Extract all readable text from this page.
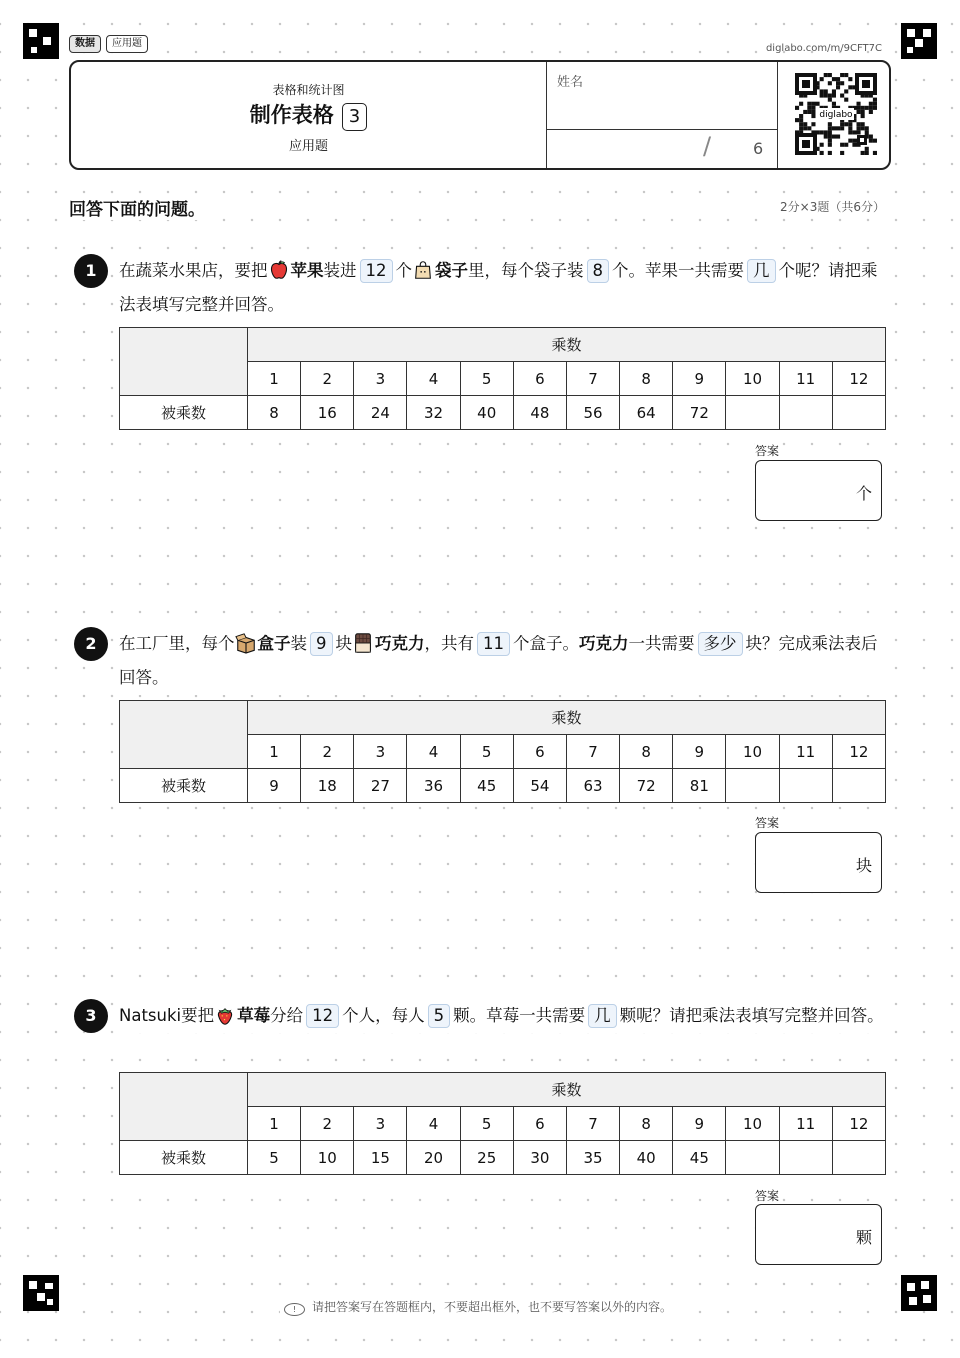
数据	应用题	diglabo.com/m/9CFT7C
表格和统计图
制作表格 3
应用题
姓名
/	6
diglabo
回答下面的问题。	2分×3题（共6分）
1	在蔬菜水果店，要把 苹果装进 12 个 袋子里，每个袋子装 8 个。苹果一共需要 几 个呢？请把乘法表填写完整并回答。
	乘数											
	1	2	3	4	5	6	7	8	9	10	11	12
被乘数	8	16	24	32	40	48	56	64	72			
答案
个
2	在工厂里，每个 盒子装 9 块 巧克力，共有 11 个盒子。巧克力一共需要 多少 块？完成乘法表后回答。
	乘数											
	1	2	3	4	5	6	7	8	9	10	11	12
被乘数	9	18	27	36	45	54	63	72	81			
答案
块
3	Natsuki要把 草莓分给 12 个人，每人 5 颗。草莓一共需要 几 颗呢？请把乘法表填写完整并回答。
	乘数											
	1	2	3	4	5	6	7	8	9	10	11	12
被乘数	5	10	15	20	25	30	35	40	45			
答案
颗
! 请把答案写在答题框内，不要超出框外，也不要写答案以外的内容。
